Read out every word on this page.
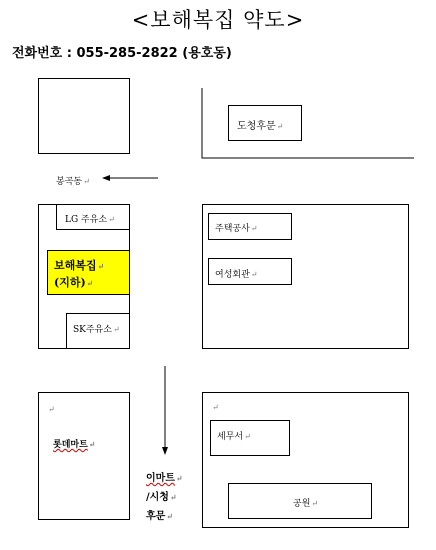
<보해복집 약도>
전화번호 : 055-285-2822 (용호동)
도청후문↵
봉곡동↵
LG 주유소↵
보해복집↵
(지하)↵
SK주유소↵
주택공사↵
여성회관↵
↵
롯데마트↵
이마트↵
/시청↵
후문↵
↵
세무서↵
공원↵
